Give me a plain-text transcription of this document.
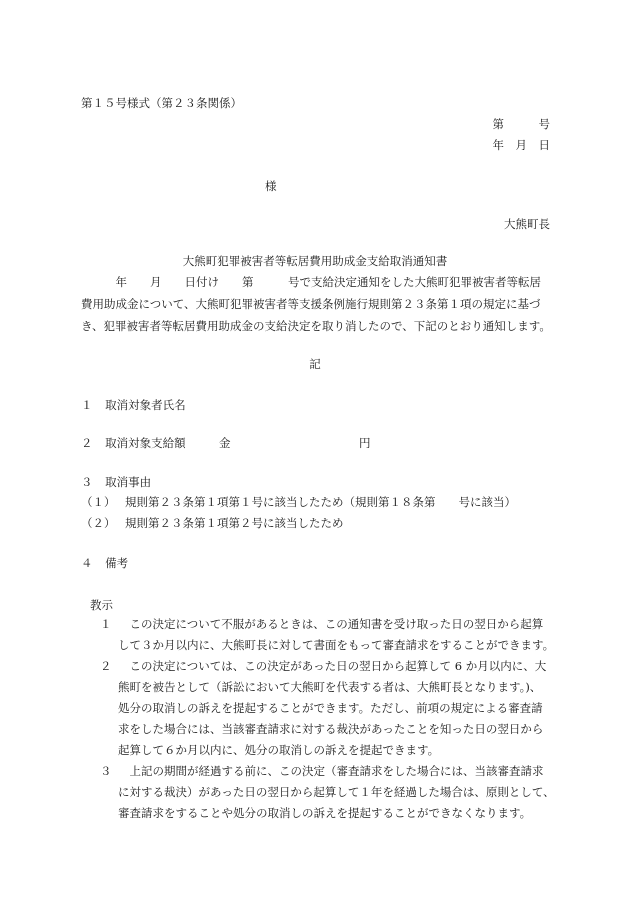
第１５号様式（第２３条関係）
第　　　号
年　月　日
様
大熊町長
大熊町犯罪被害者等転居費用助成金支給取消通知書
　　　年　　月　　日付け　　第　　　号で支給決定通知をした大熊町犯罪被害者等転居
費用助成金について、大熊町犯罪被害者等支援条例施行規則第２３条第１項の規定に基づ
き、犯罪被害者等転居費用助成金の支給決定を取り消したので、下記のとおり通知します。
記
１ 取消対象者氏名
２ 取消対象支給額	金	円
３ 取消事由
（１） 規則第２３条第１項第１号に該当したため（規則第１８条第　　号に該当）
（２） 規則第２３条第１項第２号に該当したため
４ 備考
教示
１ 　この決定について不服があるときは、この通知書を受け取った日の翌日から起算
して３か月以内に、大熊町長に対して書面をもって審査請求をすることができます。
２ 　この決定については、この決定があった日の翌日から起算して 6 か月以内に、大
熊町を被告として（訴訟において大熊町を代表する者は、大熊町長となります。)、
処分の取消しの訴えを提起することができます。ただし、前項の規定による審査請
求をした場合には、当該審査請求に対する裁決があったことを知った日の翌日から
起算して６か月以内に、処分の取消しの訴えを提起できます。
３ 　上記の期間が経過する前に、この決定（審査請求をした場合には、当該審査請求
に対する裁決）があった日の翌日から起算して１年を経過した場合は、原則として、
審査請求をすることや処分の取消しの訴えを提起することができなくなります。
